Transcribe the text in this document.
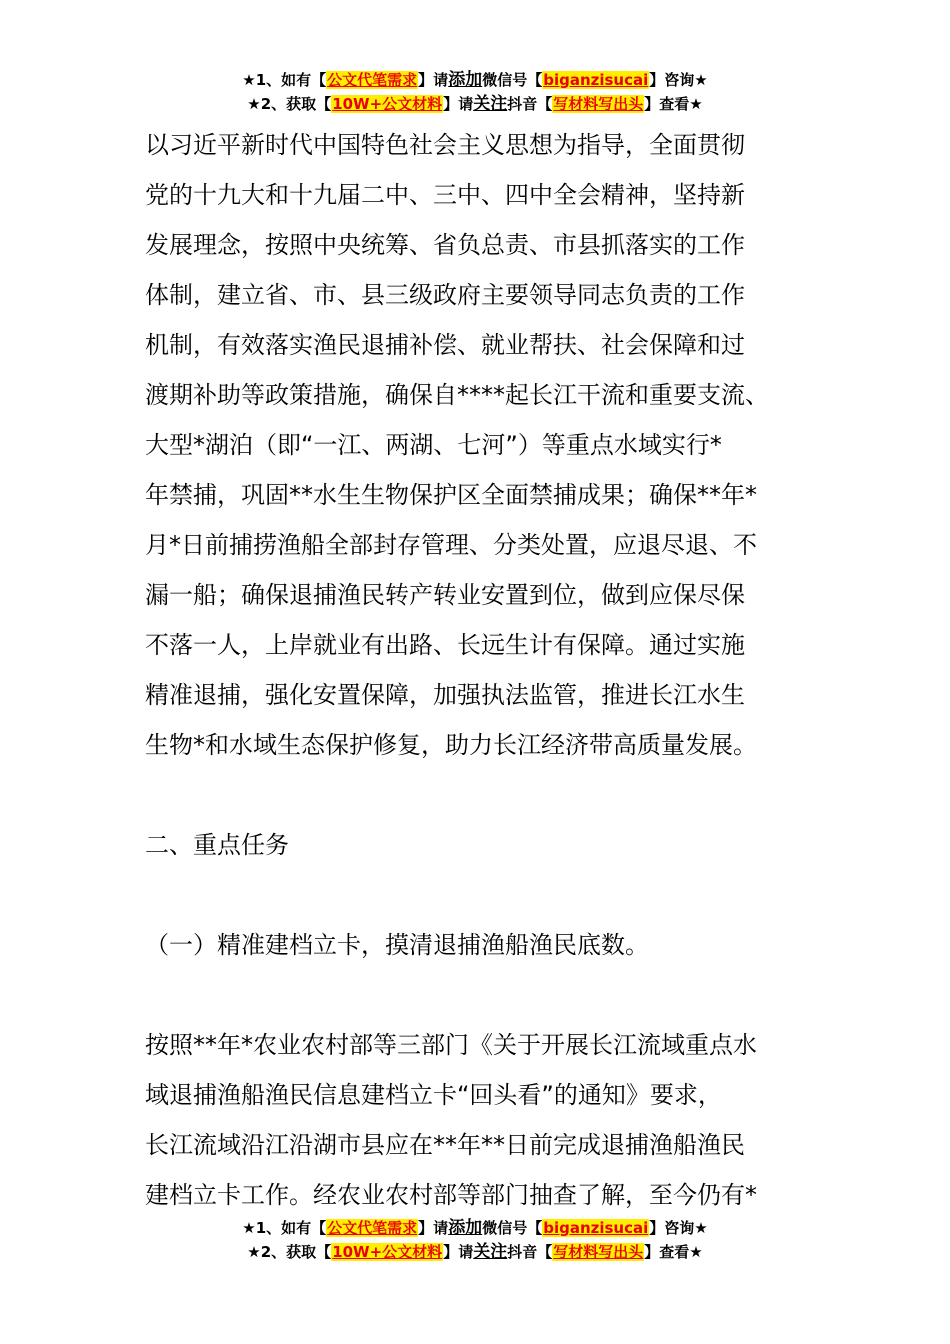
★1、如有【公文代笔需求】请添加微信号【biganzisucai】咨询★
★2、获取【10W+公文材料】请关注抖音【写材料写出头】查看★
以习近平新时代中国特色社会主义思想为指导，全面贯彻
党的十九大和十九届二中、三中、四中全会精神，坚持新
发展理念，按照中央统筹、省负总责、市县抓落实的工作
体制，建立省、市、县三级政府主要领导同志负责的工作
机制，有效落实渔民退捕补偿、就业帮扶、社会保障和过
渡期补助等政策措施，确保自****起长江干流和重要支流、
大型*湖泊（即“一江、两湖、七河”）等重点水域实行*
年禁捕，巩固**水生生物保护区全面禁捕成果；确保**年*
月*日前捕捞渔船全部封存管理、分类处置，应退尽退、不
漏一船；确保退捕渔民转产转业安置到位，做到应保尽保
不落一人，上岸就业有出路、长远生计有保障。通过实施
精准退捕，强化安置保障，加强执法监管，推进长江水生
生物*和水域生态保护修复，助力长江经济带高质量发展。
二、重点任务
（一）精准建档立卡，摸清退捕渔船渔民底数。
按照**年*农业农村部等三部门《关于开展长江流域重点水
域退捕渔船渔民信息建档立卡“回头看”的通知》要求，
长江流域沿江沿湖市县应在**年**日前完成退捕渔船渔民
建档立卡工作。经农业农村部等部门抽查了解，至今仍有*
★1、如有【公文代笔需求】请添加微信号【biganzisucai】咨询★
★2、获取【10W+公文材料】请关注抖音【写材料写出头】查看★
